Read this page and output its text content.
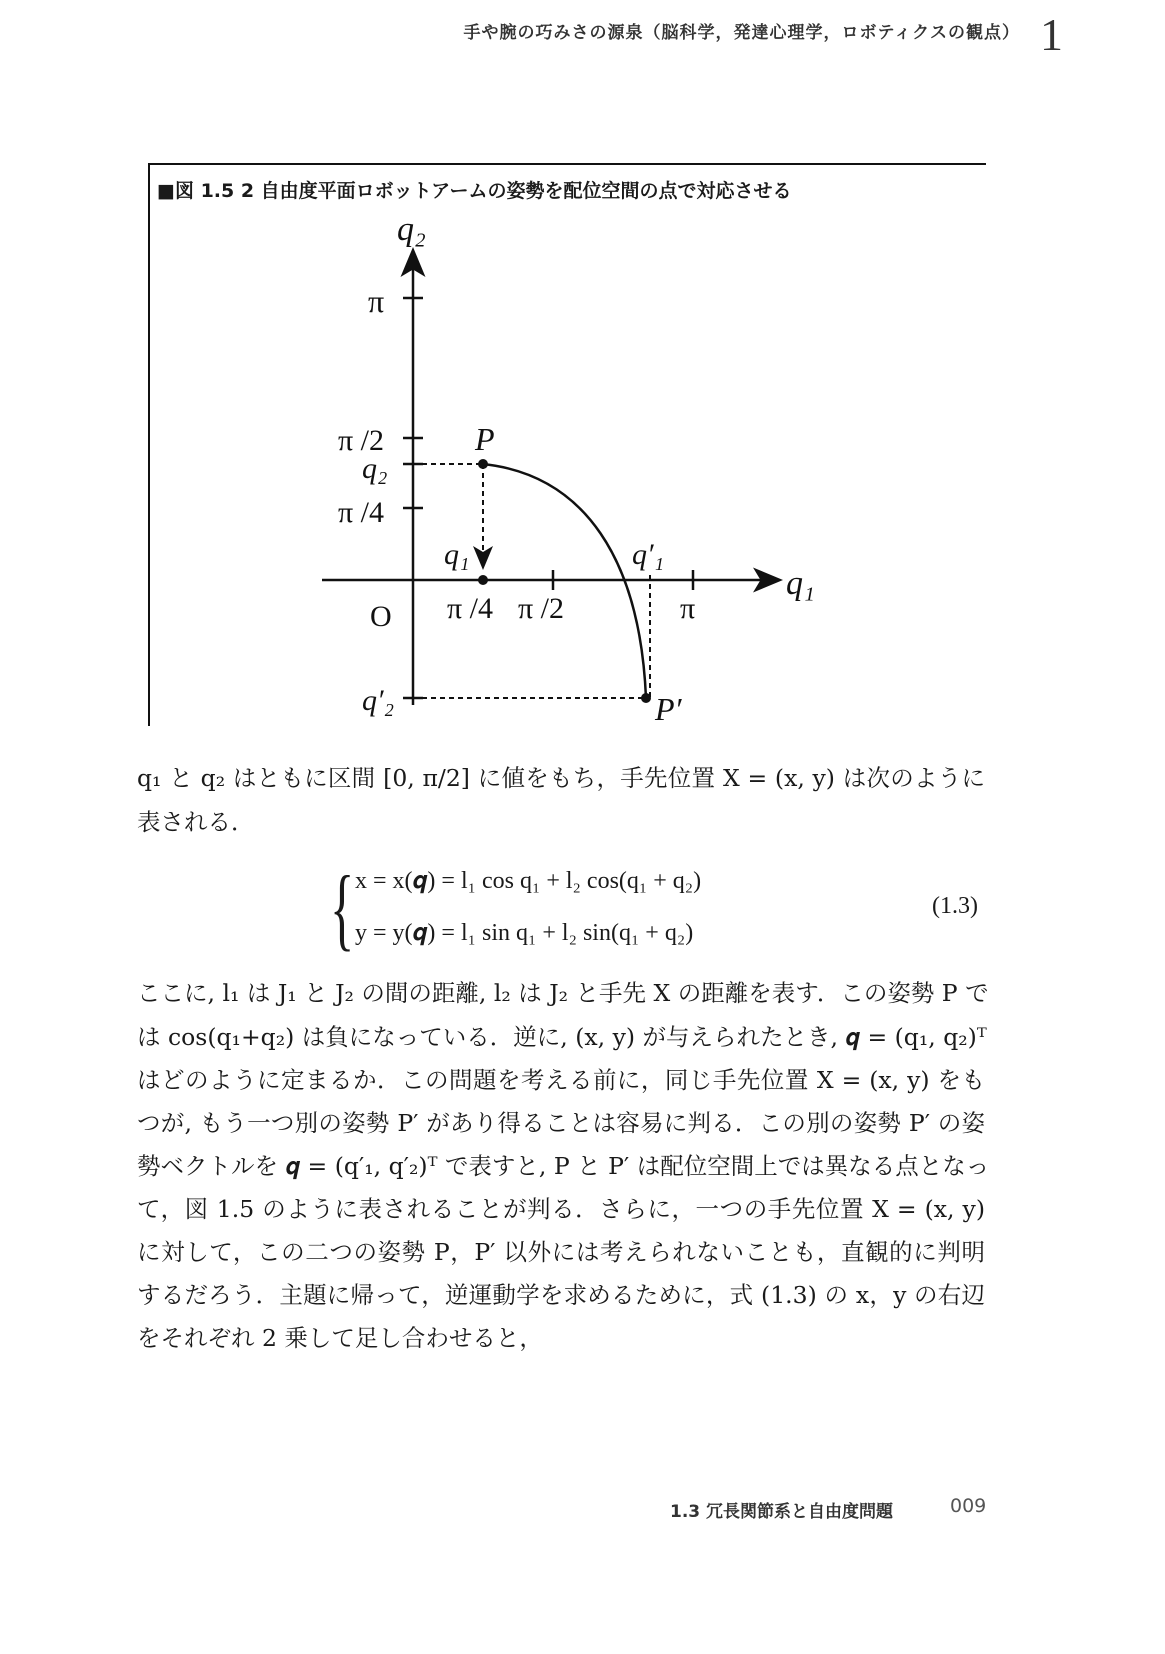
手や腕の巧みさの源泉（脳科学，発達心理学，ロボティクスの観点） 1
■図 1.5 2 自由度平面ロボットアームの姿勢を配位空間の点で対応させる
q₂
q₁
O
π
π /2
q₂
π /4
q′₂
π /4 π /2	π
P
P′
q₁	q′₁
q₁ と q₂ はともに区間 [0, π/2] に値をもち，手先位置 X = (x, y) は次のように
表される．
{ x = x(𝒒) = l₁ cos q₁ + l₂ cos(q₁ + q₂)
y = y(𝒒) = l₁ sin q₁ + l₂ sin(q₁ + q₂)
(1.3)
ここに, l₁ は J₁ と J₂ の間の距離, l₂ は J₂ と手先 X の距離を表す．この姿勢 P で
は cos(q₁+q₂) は負になっている．逆に, (x, y) が与えられたとき, 𝒒 = (q₁, q₂)ᵀ
はどのように定まるか．この問題を考える前に，同じ手先位置 X = (x, y) をも
つが, もう一つ別の姿勢 P′ があり得ることは容易に判る．この別の姿勢 P′ の姿
勢ベクトルを 𝒒 = (q′₁, q′₂)ᵀ で表すと, P と P′ は配位空間上では異なる点となっ
て，図 1.5 のように表されることが判る．さらに，一つの手先位置 X = (x, y)
に対して，この二つの姿勢 P，P′ 以外には考えられないことも，直観的に判明
するだろう．主題に帰って，逆運動学を求めるために，式 (1.3) の x，y の右辺
をそれぞれ 2 乗して足し合わせると，
1.3 冗長関節系と自由度問題	009
